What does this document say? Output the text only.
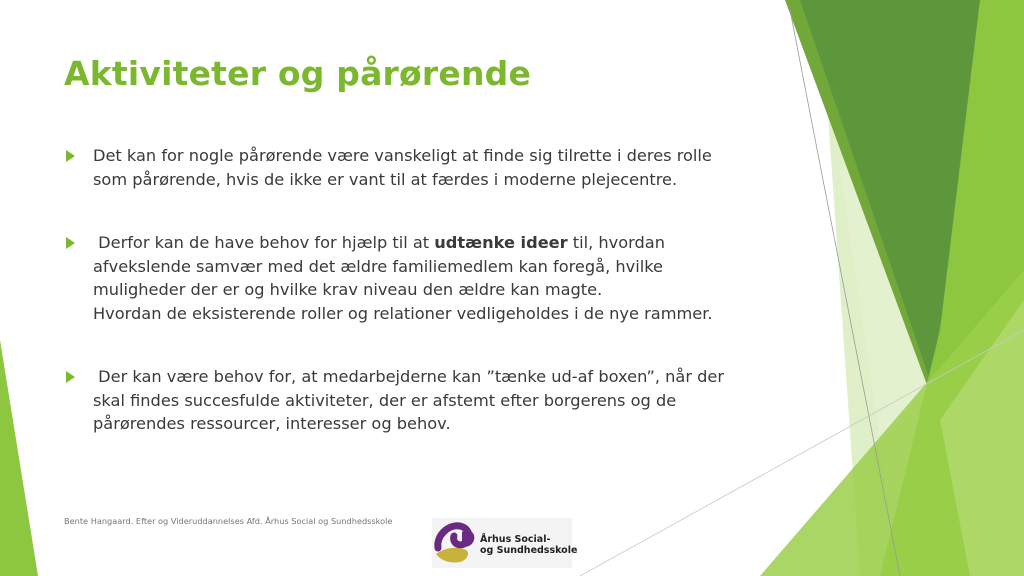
Aktiviteter og pårørende
Det kan for nogle pårørende være vanskeligt at finde sig tilrette i deres rolle
som pårørende, hvis de ikke er vant til at færdes i moderne plejecentre.
Derfor kan de have behov for hjælp til at udtænke ideer til, hvordan
afvekslende samvær med det ældre familiemedlem kan foregå, hvilke
muligheder der er og hvilke krav niveau den ældre kan magte.
Hvordan de eksisterende roller og relationer vedligeholdes i de nye rammer.
Der kan være behov for, at medarbejderne kan ”tænke ud-af boxen”, når der
skal findes succesfulde aktiviteter, der er afstemt efter borgerens og de
pårørendes ressourcer, interesser og behov.
Bente Hangaard. Efter og Videruddannelses Afd. Århus Social og Sundhedsskole
Århus Social-
og Sundhedsskole
